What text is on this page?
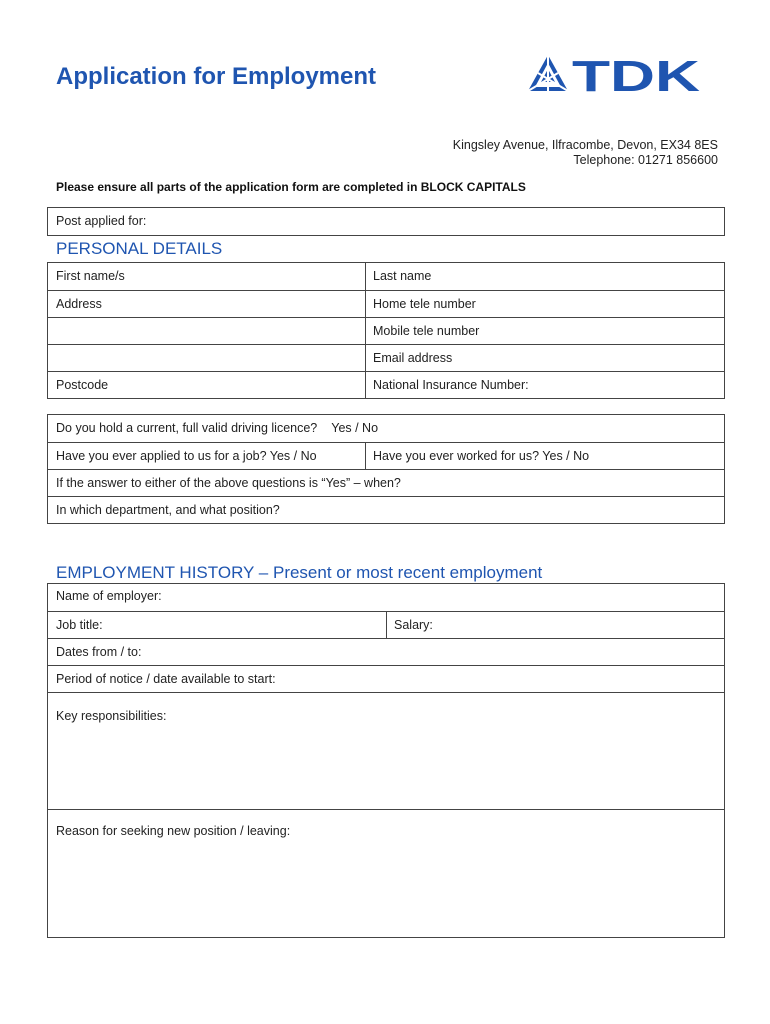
Application for Employment	TDK
Kingsley Avenue, Ilfracombe, Devon, EX34 8ES
Telephone: 01271 856600
Please ensure all parts of the application form are completed in BLOCK CAPITALS
Post applied for:
PERSONAL DETAILS
First name/s	Last name
Address	Home tele number
Mobile tele number
Email address
Postcode	National Insurance Number:
Do you hold a current, full valid driving licence? Yes / No
Have you ever applied to us for a job? Yes / No	Have you ever worked for us? Yes / No
If the answer to either of the above questions is “Yes” – when?
In which department, and what position?
EMPLOYMENT HISTORY – Present or most recent employment
Name of employer:
Job title:	Salary:
Dates from / to:
Period of notice / date available to start:
Key responsibilities:
Reason for seeking new position / leaving:
